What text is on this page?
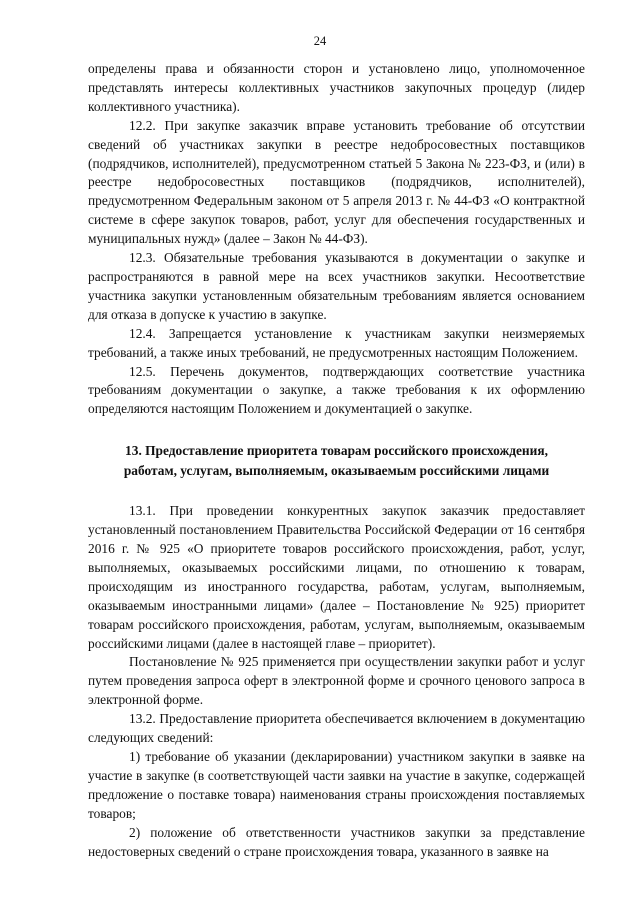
24

определены права и обязанности сторон и установлено лицо, уполномоченное представлять интересы коллективных участников закупочных процедур (лидер коллективного участника).

12.2. При закупке заказчик вправе установить требование об отсутствии сведений об участниках закупки в реестре недобросовестных поставщиков (подрядчиков, исполнителей), предусмотренном статьей 5 Закона № 223-ФЗ, и (или) в реестре недобросовестных поставщиков (подрядчиков, исполнителей), предусмотренном Федеральным законом от 5 апреля 2013 г. № 44-ФЗ «О контрактной системе в сфере закупок товаров, работ, услуг для обеспечения государственных и муниципальных нужд» (далее – Закон № 44-ФЗ).

12.3. Обязательные требования указываются в документации о закупке и распространяются в равной мере на всех участников закупки. Несоответствие участника закупки установленным обязательным требованиям является основанием для отказа в допуске к участию в закупке.

12.4. Запрещается установление к участникам закупки неизмеряемых требований, а также иных требований, не предусмотренных настоящим Положением.

12.5. Перечень документов, подтверждающих соответствие участника требованиям документации о закупке, а также требования к их оформлению определяются настоящим Положением и документацией о закупке.

13. Предоставление приоритета товарам российского происхождения,
работам, услугам, выполняемым, оказываемым российскими лицами

13.1. При проведении конкурентных закупок заказчик предоставляет установленный постановлением Правительства Российской Федерации от 16 сентября 2016 г. № 925 «О приоритете товаров российского происхождения, работ, услуг, выполняемых, оказываемых российскими лицами, по отношению к товарам, происходящим из иностранного государства, работам, услугам, выполняемым, оказываемым иностранными лицами» (далее – Постановление № 925) приоритет товарам российского происхождения, работам, услугам, выполняемым, оказываемым российскими лицами (далее в настоящей главе – приоритет).

Постановление № 925 применяется при осуществлении закупки работ и услуг путем проведения запроса оферт в электронной форме и срочного ценового запроса в электронной форме.

13.2. Предоставление приоритета обеспечивается включением в документацию следующих сведений:

1) требование об указании (декларировании) участником закупки в заявке на участие в закупке (в соответствующей части заявки на участие в закупке, содержащей предложение о поставке товара) наименования страны происхождения поставляемых товаров;

2) положение об ответственности участников закупки за представление недостоверных сведений о стране происхождения товара, указанного в заявке на
